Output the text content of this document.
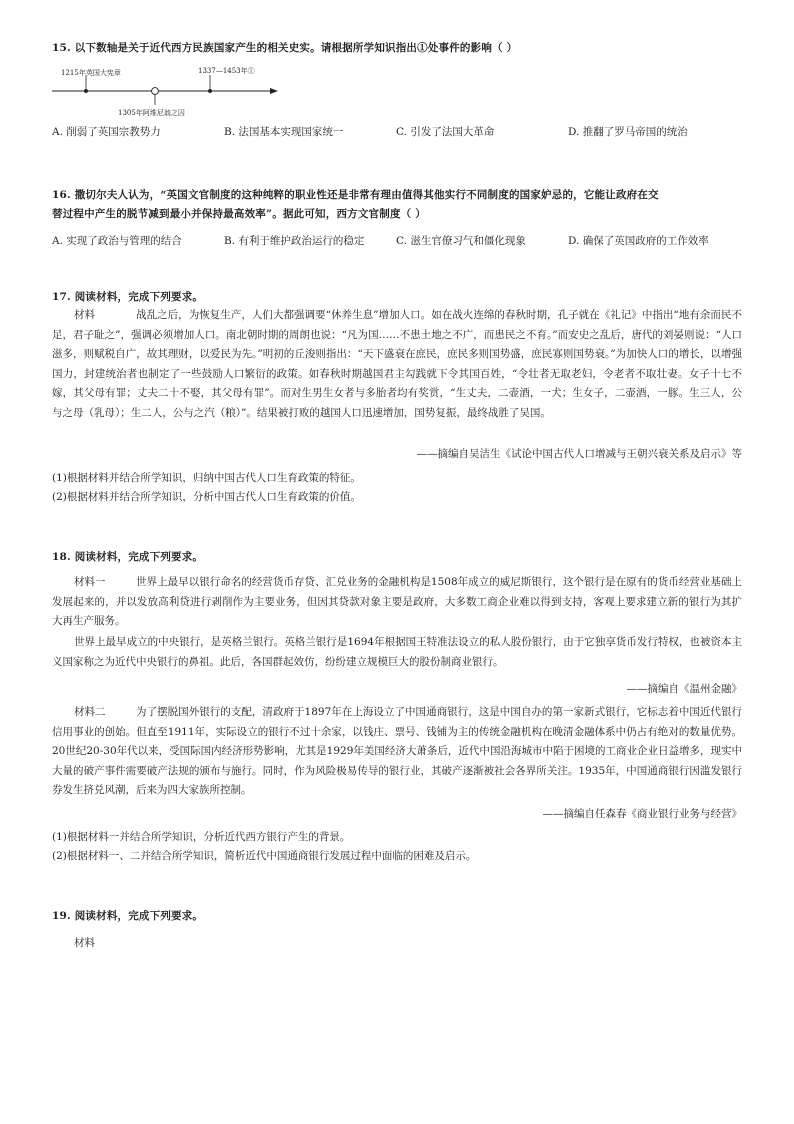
15. 以下数轴是关于近代西方民族国家产生的相关史实。请根据所学知识指出①处事件的影响（ ）
1215年英国大宪章	1337—1453年①
1305年阿维尼翁之囚
A. 削弱了英国宗教势力	B. 法国基本实现国家统一	C. 引发了法国大革命	D. 推翻了罗马帝国的统治
16. 撒切尔夫人认为，“英国文官制度的这种纯粹的职业性还是非常有理由值得其他实行不同制度的国家妒忌的，它能让政府在交
替过程中产生的脱节减到最小并保持最高效率”。据此可知，西方文官制度（ ）
A. 实现了政治与管理的结合	B. 有利于维护政治运行的稳定	C. 滋生官僚习气和僵化现象	D. 确保了英国政府的工作效率
17. 阅读材料，完成下列要求。

材料	战乱之后，为恢复生产，人们大都强调要“休养生息”增加人口。如在战火连绵的春秋时期，孔子就在《礼记》中指出“地有余而民不足，君子耻之”，强调必须增加人口。南北朝时期的周朗也说：“凡为国……不患土地之不广，而患民之不育。”而安史之乱后，唐代的刘晏则说：“人口滋多，则赋税自广，故其理财，以爱民为先。”明初的丘浚则指出：“天下盛衰在庶民，庶民多则国势盛，庶民寡则国势衰。”为加快人口的增长，以增强国力，封建统治者也制定了一些鼓励人口繁衍的政策。如春秋时期越国君主勾践就下令其国百姓，“令壮者无取老妇，令老者不取壮妻。女子十七不嫁，其父母有罪；丈夫二十不娶，其父母有罪”。而对生男生女者与多胎者均有奖赏，“生丈夫，二壶酒，一犬；生女子，二壶酒，一豚。生三人，公与之母（乳母）；生二人，公与之汽（粮）”。结果被打败的越国人口迅速增加，国势复振，最终战胜了吴国。

——摘编自吴洁生《试论中国古代人口增减与王朝兴衰关系及启示》等
(1)根据材料并结合所学知识，归纳中国古代人口生育政策的特征。
(2)根据材料并结合所学知识，分析中国古代人口生育政策的价值。
18. 阅读材料，完成下列要求。

材料一	世界上最早以银行命名的经营货币存贷、汇兑业务的金融机构是1508年成立的威尼斯银行，这个银行是在原有的货币经营业基础上发展起来的，并以发放高利贷进行剥削作为主要业务，但因其贷款对象主要是政府，大多数工商企业难以得到支持，客观上要求建立新的银行为其扩大再生产服务。

世界上最早成立的中央银行，是英格兰银行。英格兰银行是1694年根据国王特准法设立的私人股份银行，由于它独享货币发行特权，也被资本主义国家称之为近代中央银行的鼻祖。此后，各国群起效仿，纷纷建立规模巨大的股份制商业银行。

——摘编自《温州金融》

材料二	为了摆脱国外银行的支配，清政府于1897年在上海设立了中国通商银行，这是中国自办的第一家新式银行，它标志着中国近代银行信用事业的创始。但直至1911年，实际设立的银行不过十余家，以钱庄、票号、钱铺为主的传统金融机构在晚清金融体系中仍占有绝对的数量优势。20世纪20-30年代以来，受国际国内经济形势影响，尤其是1929年美国经济大萧条后，近代中国沿海城市中陷于困境的工商业企业日益增多，现实中大量的破产事件需要破产法规的颁布与施行。同时，作为风险极易传导的银行业，其破产逐渐被社会各界所关注。1935年，中国通商银行因滥发银行券发生挤兑风潮，后来为四大家族所控制。

——摘编自任森春《商业银行业务与经营》
(1)根据材料一并结合所学知识，分析近代西方银行产生的背景。
(2)根据材料一、二并结合所学知识，简析近代中国通商银行发展过程中面临的困难及启示。
19. 阅读材料，完成下列要求。
材料
